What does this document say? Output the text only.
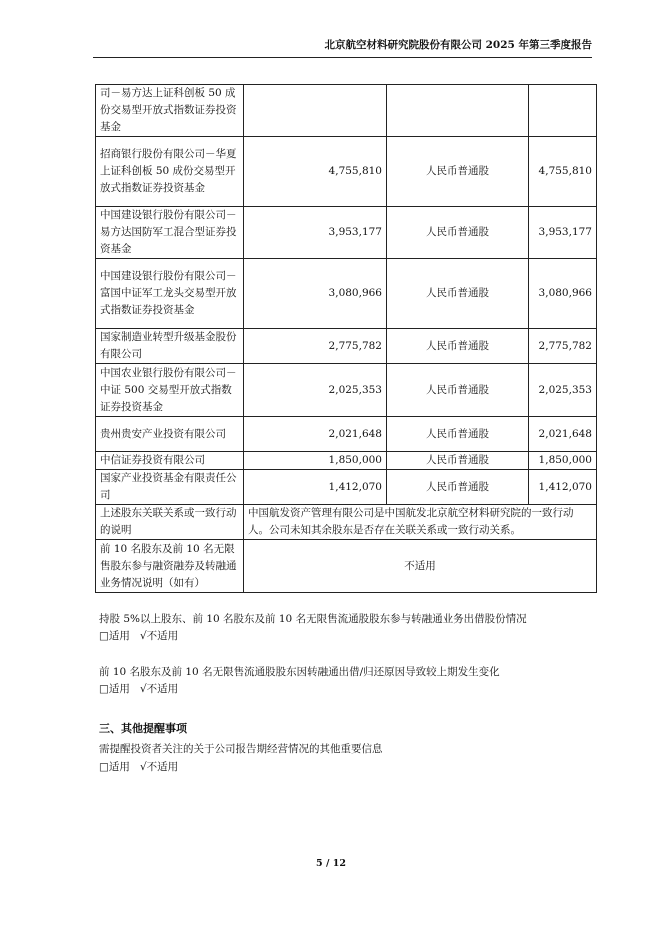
北京航空材料研究院股份有限公司 2025 年第三季度报告
司－易方达上证科创板 50 成份交易型开放式指数证券投资基金			
招商银行股份有限公司－华夏上证科创板 50 成份交易型开放式指数证券投资基金	4,755,810	人民币普通股	4,755,810
中国建设银行股份有限公司－易方达国防军工混合型证券投资基金	3,953,177	人民币普通股	3,953,177
中国建设银行股份有限公司－富国中证军工龙头交易型开放式指数证券投资基金	3,080,966	人民币普通股	3,080,966
国家制造业转型升级基金股份有限公司	2,775,782	人民币普通股	2,775,782
中国农业银行股份有限公司－中证 500 交易型开放式指数证券投资基金	2,025,353	人民币普通股	2,025,353
贵州贵安产业投资有限公司	2,021,648	人民币普通股	2,021,648
中信证券投资有限公司	1,850,000	人民币普通股	1,850,000
国家产业投资基金有限责任公司	1,412,070	人民币普通股	1,412,070
上述股东关联关系或一致行动的说明	中国航发资产管理有限公司是中国航发北京航空材料研究院的一致行动人。公司未知其余股东是否存在关联关系或一致行动关系。		
前 10 名股东及前 10 名无限售股东参与融资融券及转融通业务情况说明（如有）	不适用		
持股 5%以上股东、前 10 名股东及前 10 名无限售流通股股东参与转融通业务出借股份情况
□适用 √不适用
前 10 名股东及前 10 名无限售流通股股东因转融通出借/归还原因导致较上期发生变化
□适用 √不适用
三、其他提醒事项
需提醒投资者关注的关于公司报告期经营情况的其他重要信息
□适用 √不适用
5 / 12
